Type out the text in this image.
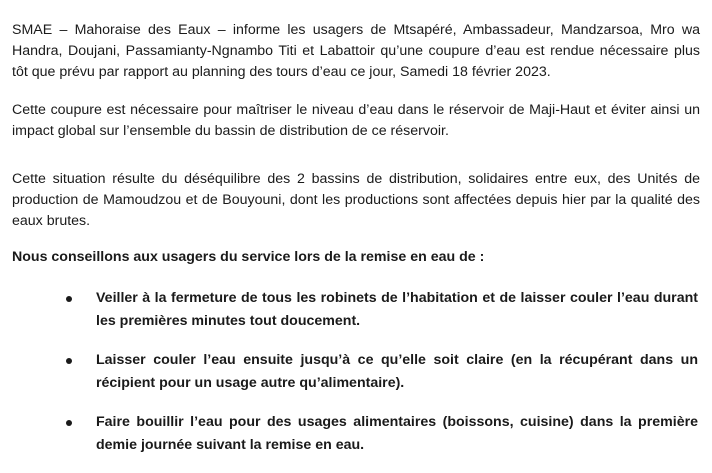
SMAE – Mahoraise des Eaux – informe les usagers de Mtsapéré, Ambassadeur, Mandzarsoa, Mro wa Handra, Doujani, Passamianty-Ngnambo Titi et Labattoir qu’une coupure d’eau est rendue nécessaire plus tôt que prévu par rapport au planning des tours d’eau ce jour, Samedi 18 février 2023.

Cette coupure est nécessaire pour maîtriser le niveau d’eau dans le réservoir de Maji-Haut et éviter ainsi un impact global sur l’ensemble du bassin de distribution de ce réservoir.

Cette situation résulte du déséquilibre des 2 bassins de distribution, solidaires entre eux, des Unités de production de Mamoudzou et de Bouyouni, dont les productions sont affectées depuis hier par la qualité des eaux brutes.

Nous conseillons aux usagers du service lors de la remise en eau de :

Veiller à la fermeture de tous les robinets de l’habitation et de laisser couler l’eau durant les premières minutes tout doucement.
Laisser couler l’eau ensuite jusqu’à ce qu’elle soit claire (en la récupérant dans un récipient pour un usage autre qu’alimentaire).
Faire bouillir l’eau pour des usages alimentaires (boissons, cuisine) dans la première demie journée suivant la remise en eau.
